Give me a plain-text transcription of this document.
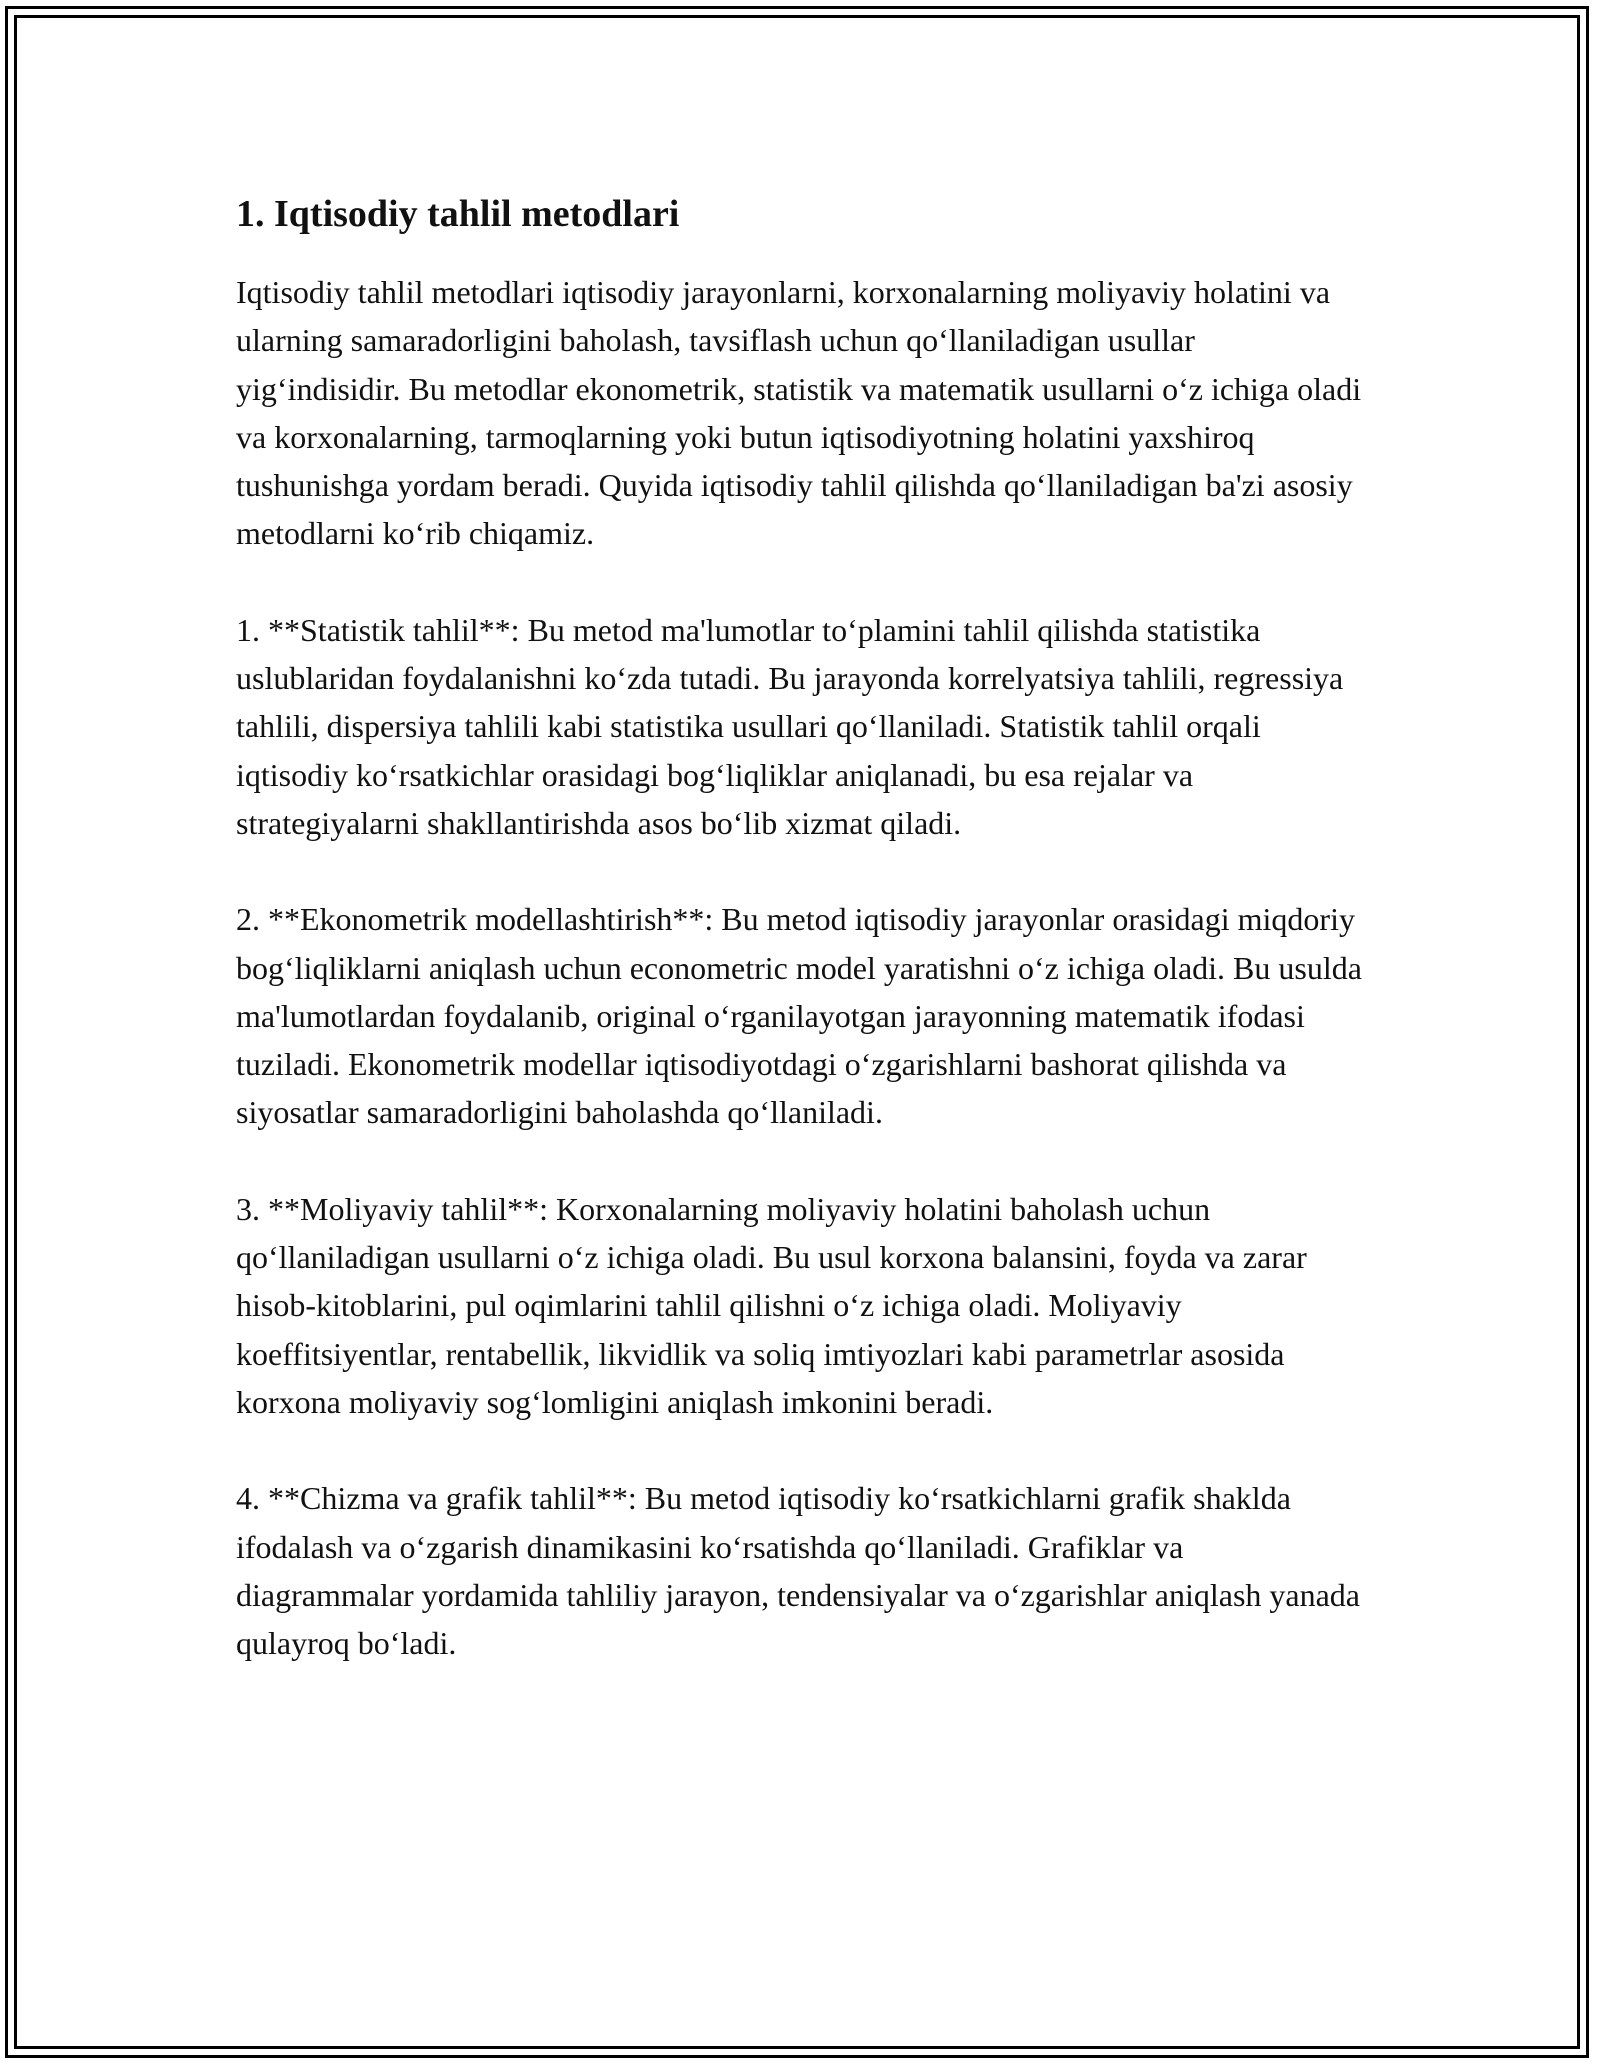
1. Iqtisodiy tahlil metodlari

Iqtisodiy tahlil metodlari iqtisodiy jarayonlarni, korxonalarning moliyaviy holatini va ularning samaradorligini baholash, tavsiflash uchun qo‘llaniladigan usullar yig‘indisidir. Bu metodlar ekonometrik, statistik va matematik usullarni o‘z ichiga oladi va korxonalarning, tarmoqlarning yoki butun iqtisodiyotning holatini yaxshiroq tushunishga yordam beradi. Quyida iqtisodiy tahlil qilishda qo‘llaniladigan ba'zi asosiy metodlarni ko‘rib chiqamiz.

1. **Statistik tahlil**: Bu metod ma'lumotlar to‘plamini tahlil qilishda statistika uslublaridan foydalanishni ko‘zda tutadi. Bu jarayonda korrelyatsiya tahlili, regressiya tahlili, dispersiya tahlili kabi statistika usullari qo‘llaniladi. Statistik tahlil orqali iqtisodiy ko‘rsatkichlar orasidagi bog‘liqliklar aniqlanadi, bu esa rejalar va strategiyalarni shakllantirishda asos bo‘lib xizmat qiladi.

2. **Ekonometrik modellashtirish**: Bu metod iqtisodiy jarayonlar orasidagi miqdoriy bog‘liqliklarni aniqlash uchun econometric model yaratishni o‘z ichiga oladi. Bu usulda ma'lumotlardan foydalanib, original o‘rganilayotgan jarayonning matematik ifodasi tuziladi. Ekonometrik modellar iqtisodiyotdagi o‘zgarishlarni bashorat qilishda va siyosatlar samaradorligini baholashda qo‘llaniladi.

3. **Moliyaviy tahlil**: Korxonalarning moliyaviy holatini baholash uchun qo‘llaniladigan usullarni o‘z ichiga oladi. Bu usul korxona balansini, foyda va zarar hisob-kitoblarini, pul oqimlarini tahlil qilishni o‘z ichiga oladi. Moliyaviy koeffitsiyentlar, rentabellik, likvidlik va soliq imtiyozlari kabi parametrlar asosida korxona moliyaviy sog‘lomligini aniqlash imkonini beradi.

4. **Chizma va grafik tahlil**: Bu metod iqtisodiy ko‘rsatkichlarni grafik shaklda ifodalash va o‘zgarish dinamikasini ko‘rsatishda qo‘llaniladi. Grafiklar va diagrammalar yordamida tahliliy jarayon, tendensiyalar va o‘zgarishlar aniqlash yanada qulayroq bo‘ladi.
